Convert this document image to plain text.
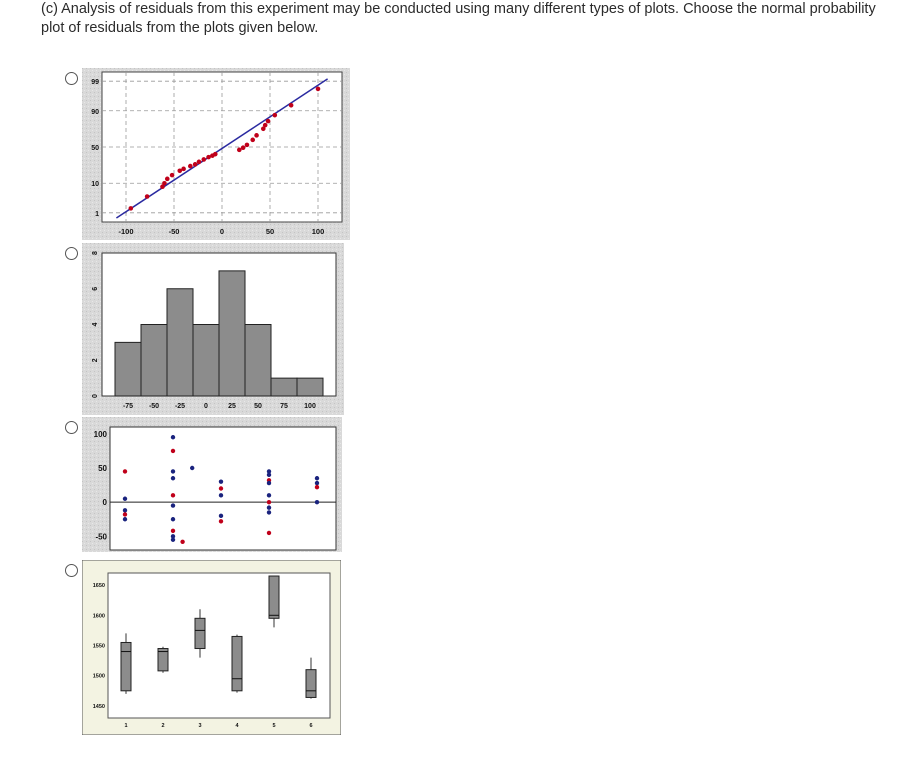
(c) Analysis of residuals from this experiment may be conducted using many different types of plots. Choose the normal probability
plot of residuals from the plots given below.
99
90
50
10
1
-100	-50	0	50	100
0
2
4
6
8
-75 -50 -25	0	25	50	75 100
100
50
0
-50
1650
1600
1550
1500
1450
1	2	3	4	5	6
